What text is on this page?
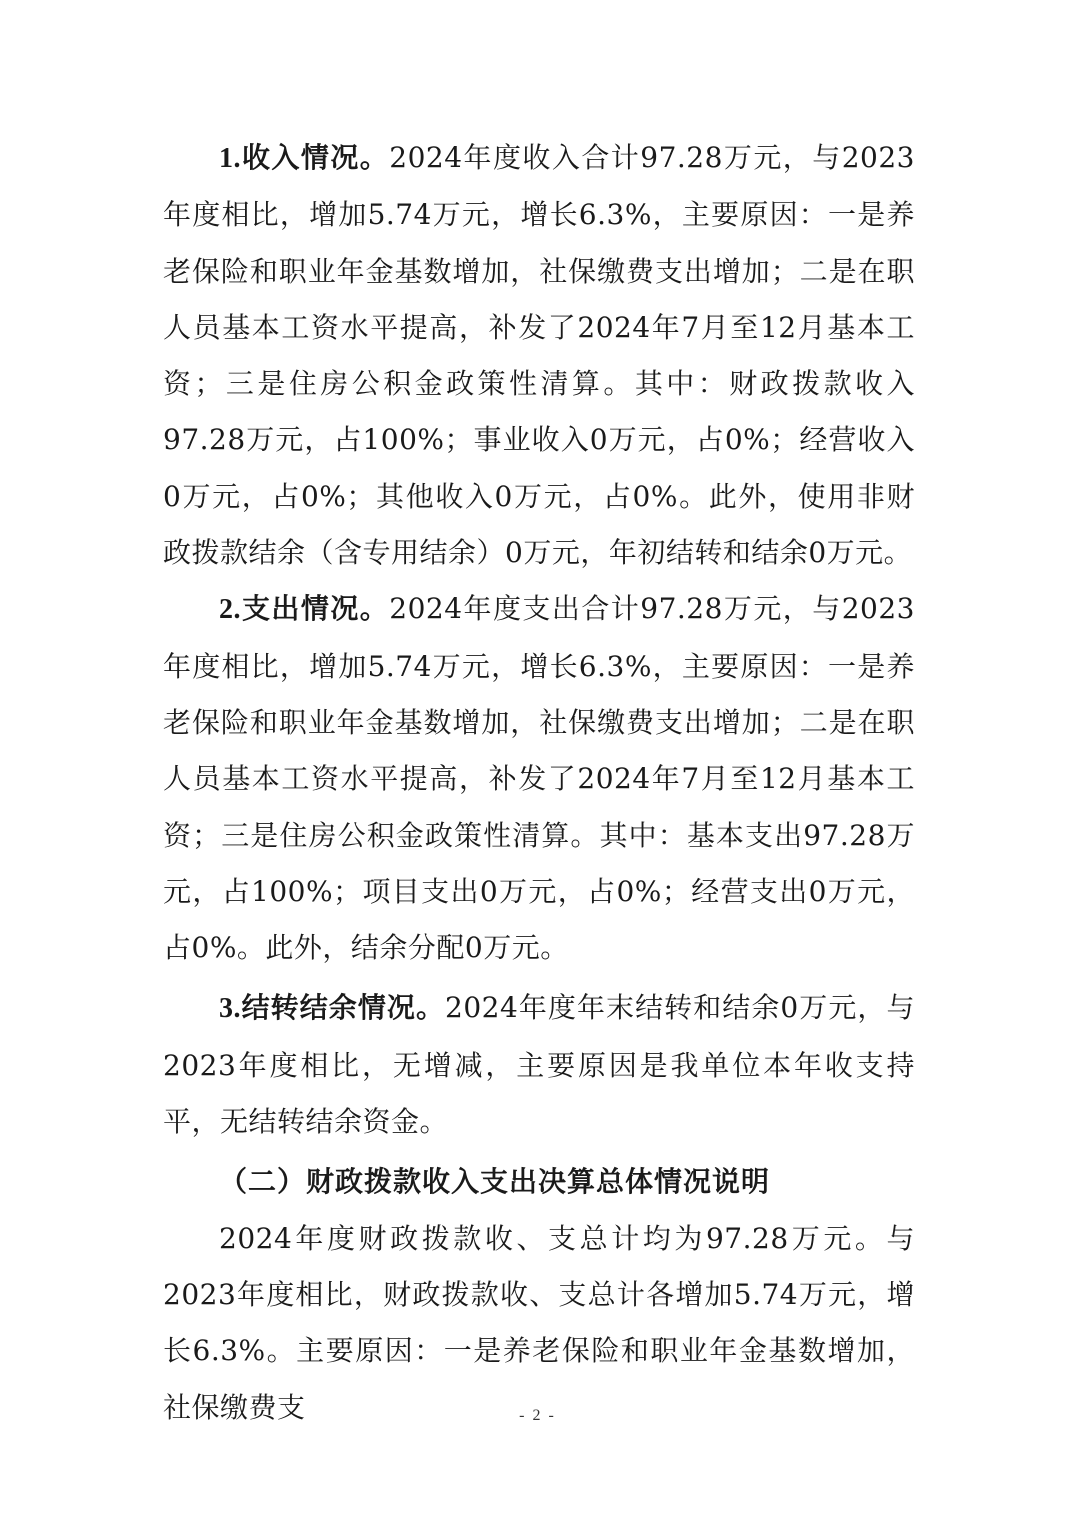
1.收入情况。2024年度收入合计97.28万元，与2023年度相比，增加5.74万元，增长6.3%，主要原因：一是养老保险和职业年金基数增加，社保缴费支出增加；二是在职人员基本工资水平提高，补发了2024年7月至12月基本工资；三是住房公积金政策性清算。其中：财政拨款收入97.28万元，占100%；事业收入0万元，占0%；经营收入0万元，占0%；其他收入0万元，占0%。此外，使用非财政拨款结余（含专用结余）0万元，年初结转和结余0万元。

2.支出情况。2024年度支出合计97.28万元，与2023年度相比，增加5.74万元，增长6.3%，主要原因：一是养老保险和职业年金基数增加，社保缴费支出增加；二是在职人员基本工资水平提高，补发了2024年7月至12月基本工资；三是住房公积金政策性清算。其中：基本支出97.28万元，占100%；项目支出0万元，占0%；经营支出0万元，占0%。此外，结余分配0万元。

3.结转结余情况。2024年度年末结转和结余0万元，与2023年度相比，无增减，主要原因是我单位本年收支持平，无结转结余资金。

（二）财政拨款收入支出决算总体情况说明

2024年度财政拨款收、支总计均为97.28万元。与2023年度相比，财政拨款收、支总计各增加5.74万元，增长6.3%。主要原因：一是养老保险和职业年金基数增加，社保缴费支	- 2 -
